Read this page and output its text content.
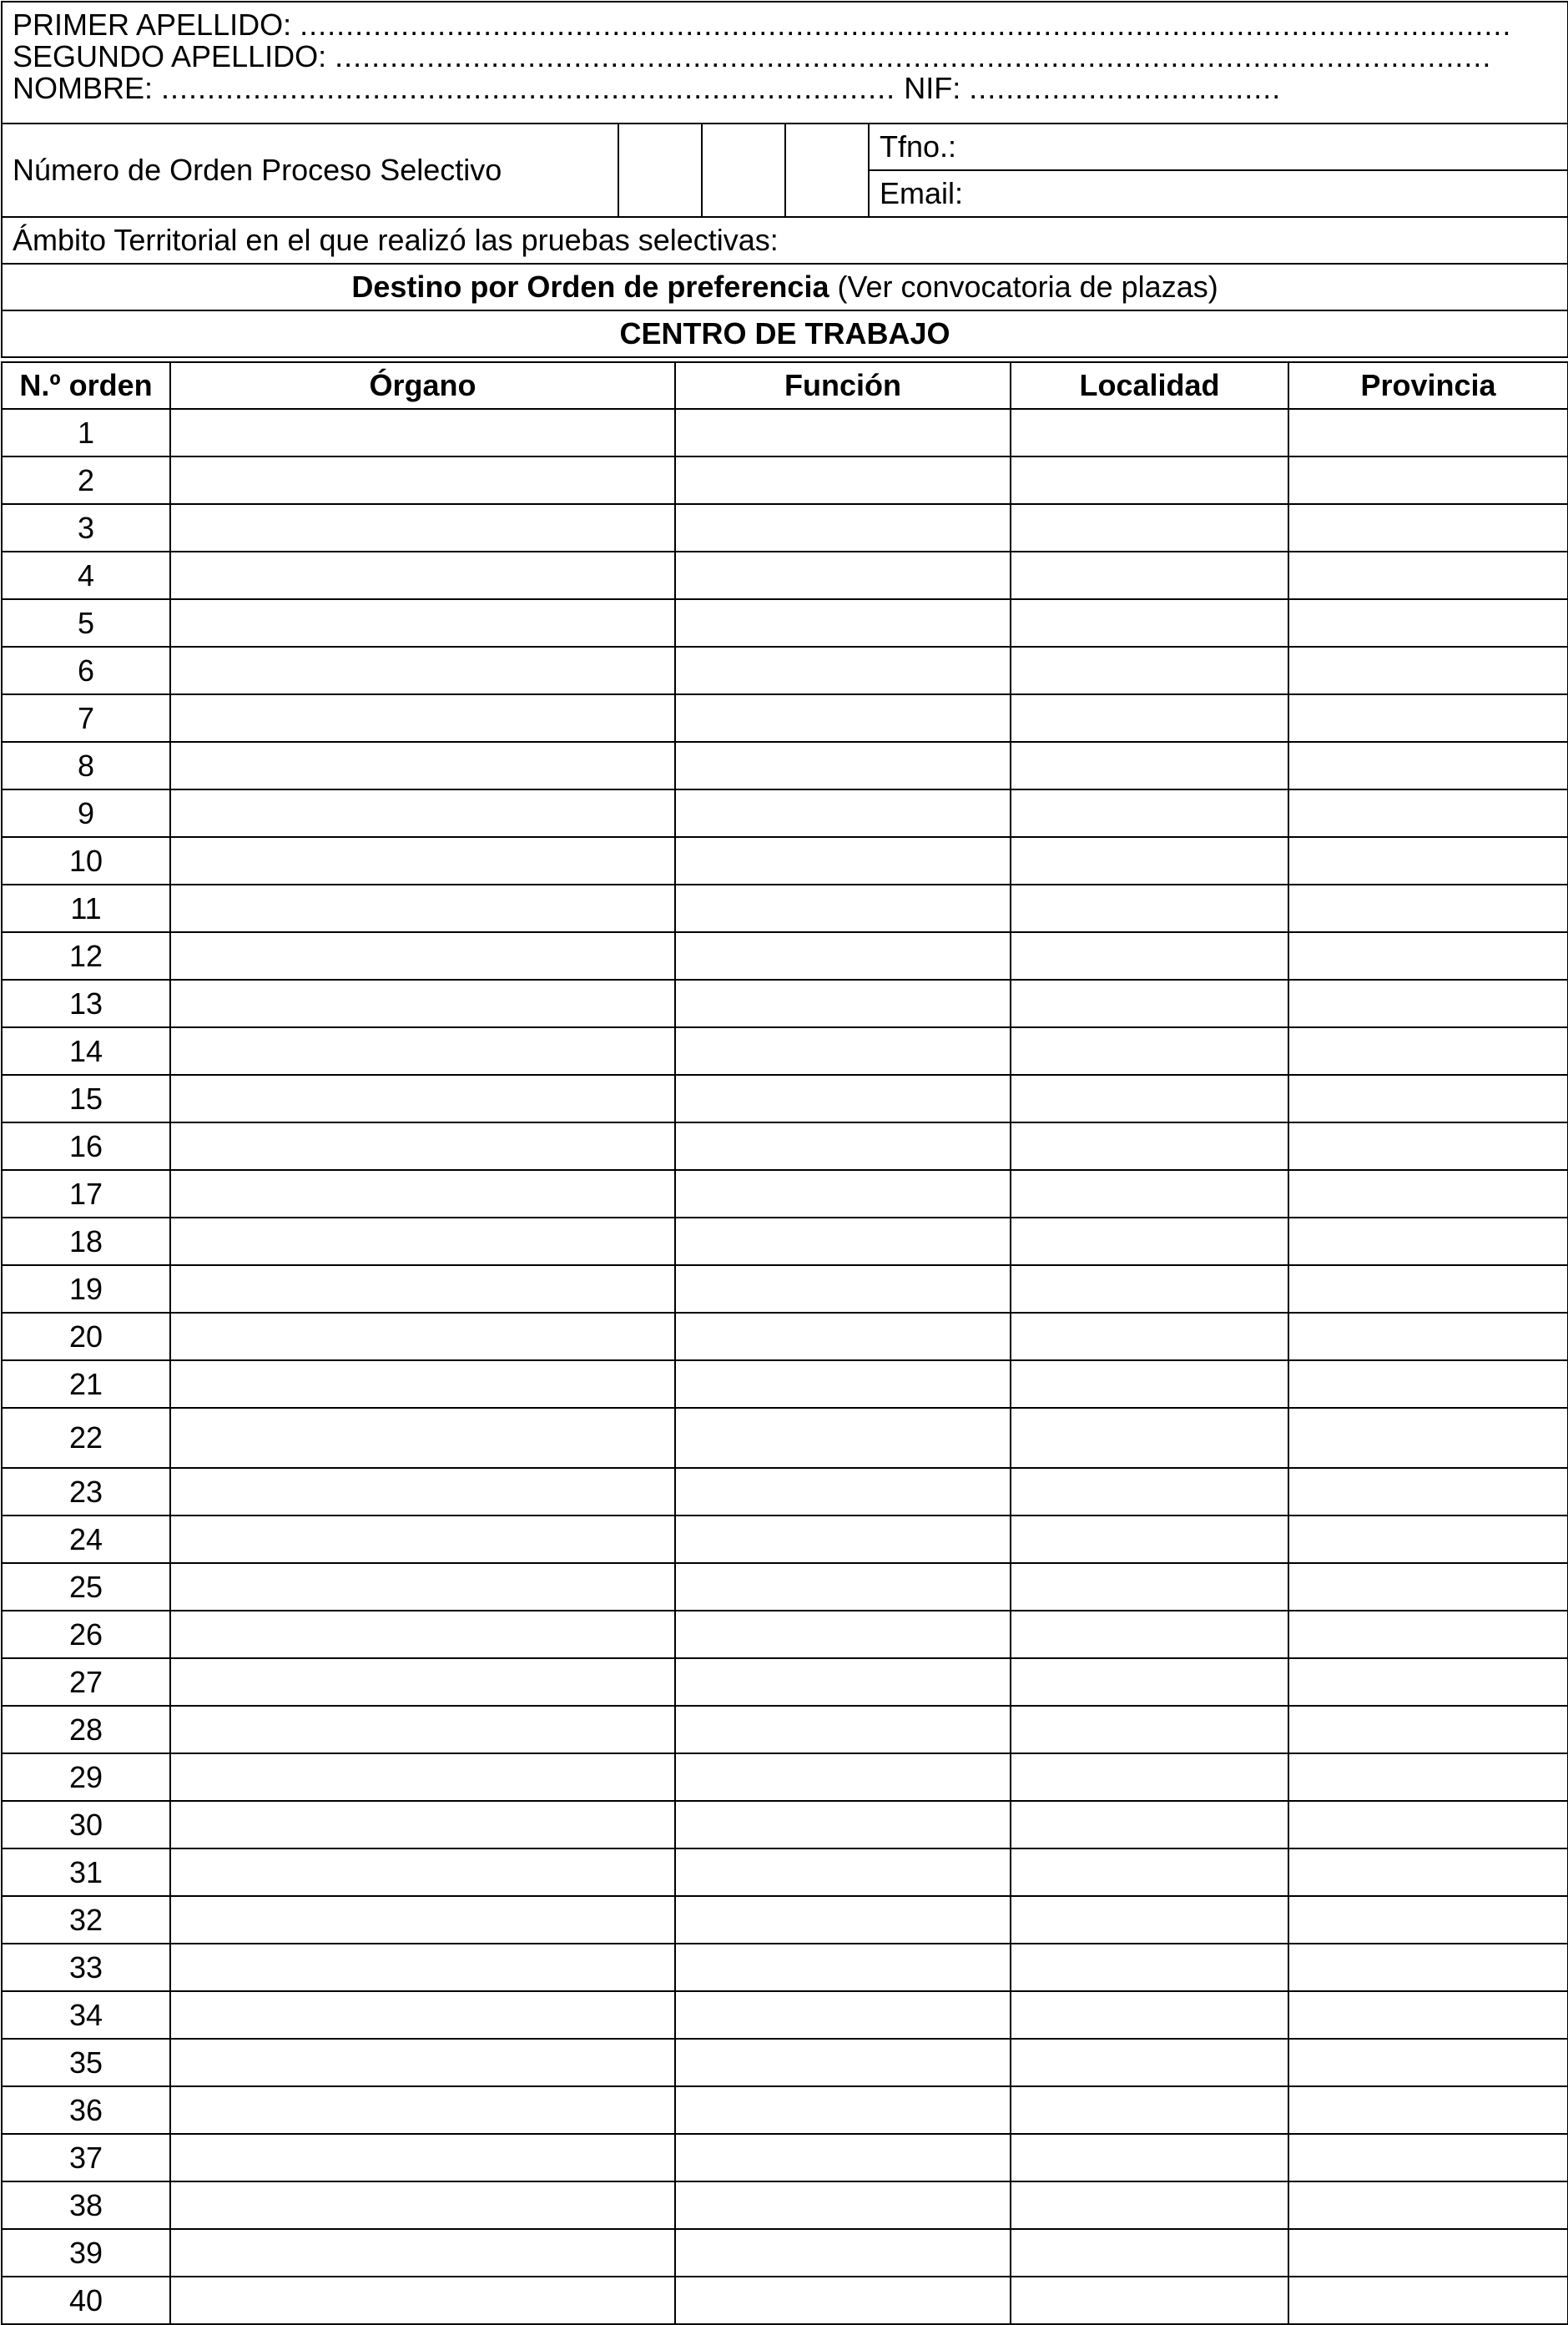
PRIMER APELLIDO: ....................................................................................................................................
SEGUNDO APELLIDO: ..............................................................................................................................
NOMBRE: ................................................................................ NIF: ..................................

Número de Orden Proceso Selectivo				Tfno.:
Email:
Ámbito Territorial en el que realizó las pruebas selectivas:
Destino por Orden de preferencia (Ver convocatoria de plazas)
CENTRO DE TRABAJO
N.º orden	Órgano	Función	Localidad	Provincia
1				
2				
3				
4				
5				
6				
7				
8				
9				
10				
11				
12				
13				
14				
15				
16				
17				
18				
19				
20				
21				
22				
23				
24				
25				
26				
27				
28				
29				
30				
31				
32				
33				
34				
35				
36				
37				
38				
39				
40				
